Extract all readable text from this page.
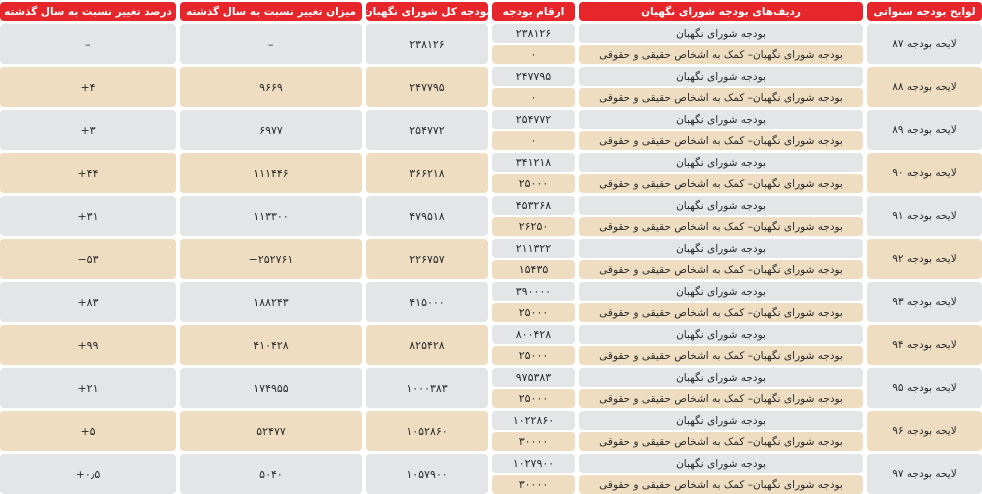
لوایح بودجه سنواتی
لایحه بودجه ۸۷
لایحه بودجه ۸۸
لایحه بودجه ۸۹
لایحه بودجه ۹۰
لایحه بودجه ۹۱
لایحه بودجه ۹۲
لایحه بودجه ۹۳
لایحه بودجه ۹۴
لایحه بودجه ۹۵
لایحه بودجه ۹۶
لایحه بودجه ۹۷
ردیف‌های بودجه شورای نگهبان
بودجه شورای نگهبان
بودجه شورای نگهبان– کمک به اشخاص حقیقی و حقوقی
بودجه شورای نگهبان
بودجه شورای نگهبان– کمک به اشخاص حقیقی و حقوقی
بودجه شورای نگهبان
بودجه شورای نگهبان– کمک به اشخاص حقیقی و حقوقی
بودجه شورای نگهبان
بودجه شورای نگهبان– کمک به اشخاص حقیقی و حقوقی
بودجه شورای نگهبان
بودجه شورای نگهبان– کمک به اشخاص حقیقی و حقوقی
بودجه شورای نگهبان
بودجه شورای نگهبان– کمک به اشخاص حقیقی و حقوقی
بودجه شورای نگهبان
بودجه شورای نگهبان– کمک به اشخاص حقیقی و حقوقی
بودجه شورای نگهبان
بودجه شورای نگهبان– کمک به اشخاص حقیقی و حقوقی
بودجه شورای نگهبان
بودجه شورای نگهبان– کمک به اشخاص حقیقی و حقوقی
بودجه شورای نگهبان
بودجه شورای نگهبان– کمک به اشخاص حقیقی و حقوقی
بودجه شورای نگهبان
بودجه شورای نگهبان– کمک به اشخاص حقیقی و حقوقی
ارقام بودجه
۲۳۸۱۲۶
۰
۲۴۷۷۹۵
۰
۲۵۴۷۷۲
۰
۳۴۱۲۱۸
۲۵۰۰۰
۴۵۳۲۶۸
۲۶۲۵۰
۲۱۱۳۲۲
۱۵۴۳۵
۳۹۰۰۰۰
۲۵۰۰۰
۸۰۰۴۲۸
۲۵۰۰۰
۹۷۵۳۸۳
۲۵۰۰۰
۱۰۲۲۸۶۰
۳۰۰۰۰
۱۰۲۷۹۰۰
۳۰۰۰۰
بودجه کل شورای نگهبان
۲۳۸۱۲۶
۲۴۷۷۹۵
۲۵۴۷۷۲
۳۶۶۲۱۸
۴۷۹۵۱۸
۲۲۶۷۵۷
۴۱۵۰۰۰
۸۲۵۴۲۸
۱۰۰۰۳۸۳
۱۰۵۲۸۶۰
۱۰۵۷۹۰۰
میزان تغییر نسبت به سال گذشته
–
۹۶۶۹
۶۹۷۷
۱۱۱۴۴۶
۱۱۳۳۰۰
−۲۵۲۷۶۱
۱۸۸۲۴۳
۴۱۰۴۲۸
۱۷۴۹۵۵
۵۲۴۷۷
۵۰۴۰
درصد تغییر نسبت به سال گذشته
–
+۴
+۳
+۴۴
+۳۱
−۵۳
+۸۳
+۹۹
+۲۱
+۵
+۰٫۵
